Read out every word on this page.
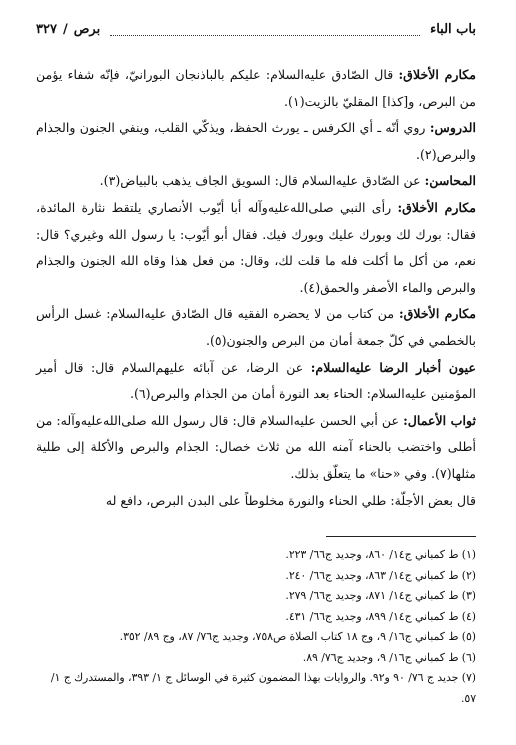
باب الباء
برص
/
٣٢٧

مكارم الأخلاق: قال الصّادق عليه‌السلام: عليكم بالباذنجان البورانيّ، فإنّه شفاء يؤمن من البرص، و[كذا] المقليّ بالزيت(١).

الدروس: روي أنّه ـ أي الكرفس ـ يورث الحفظ، ويذكّي القلب، وينفي الجنون والجذام والبرص(٢).

المحاسن: عن الصّادق عليه‌السلام قال: السويق الجاف يذهب بالبياض(٣).

مكارم الأخلاق: رأى النبي صلى‌الله‌عليه‌وآله أبا أيّوب الأنصاري يلتقط نثارة المائدة، فقال: بورك لك وبورك عليك وبورك فيك. فقال أبو أيّوب: يا رسول الله وغيري؟ قال: نعم، من أكل ما أكلت فله ما قلت لك، وقال: من فعل هذا وقاه الله الجنون والجذام والبرص والماء الأصفر والحمق(٤).

مكارم الأخلاق: من كتاب من لا يحضره الفقيه قال الصّادق عليه‌السلام: غسل الرأس بالخطمي في كلّ جمعة أمان من البرص والجنون(٥).

عيون أخبار الرضا عليه‌السلام: عن الرضا، عن آبائه عليهم‌السلام قال: قال أمير المؤمنين عليه‌السلام: الحناء بعد النورة أمان من الجذام والبرص(٦).

ثواب الأعمال: عن أبي الحسن عليه‌السلام قال: قال رسول الله صلى‌الله‌عليه‌وآله: من أطلى واختضب بالحناء آمنه الله من ثلاث خصال: الجذام والبرص والأكلة إلى طلية مثلها(٧). وفي «حنا» ما يتعلّق بذلك.

قال بعض الأجلّة: طلي الحناء والنورة مخلوطاً على البدن البرص، دافع له

(١) ط كمباني ج١٤/ ٨٦٠، وجديد ج٦٦/ ٢٢٣.

(٢) ط كمباني ج١٤/ ٨٦٣، وجديد ج٦٦/ ٢٤٠.

(٣) ط كمباني ج١٤/ ٨٧١، وجديد ج٦٦/ ٢٧٩.

(٤) ط كمباني ج١٤/ ٨٩٩، وجديد ج٦٦/ ٤٣١.

(٥) ط كمباني ج١٦/ ٩، وج ١٨ كتاب الصلاة ص٧٥٨، وجديد ج٧٦/ ٨٧، وج ٨٩/ ٣٥٢.

(٦) ط كمباني ج١٦/ ٩، وجديد ج٧٦/ ٨٩.

(٧) جديد ج ٧٦/ ٩٠ و٩٢. والروايات بهذا المضمون كثيرة في الوسائل ج ١/ ٣٩٣، والمستدرك ج ١/ ٥٧.
